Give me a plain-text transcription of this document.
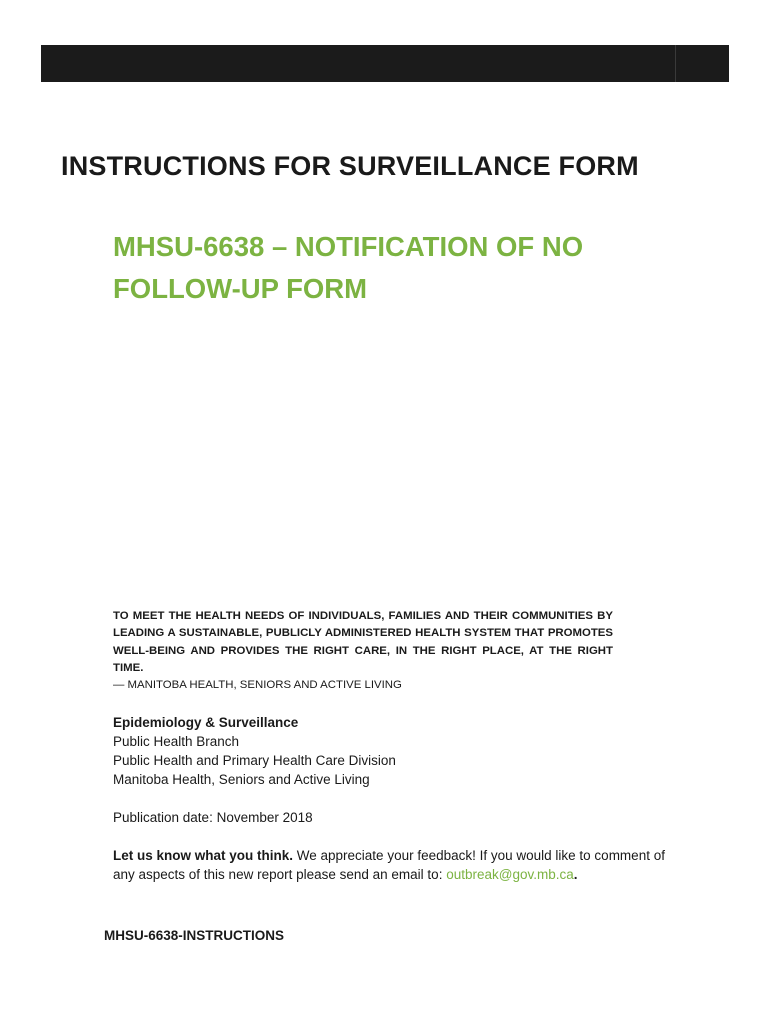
INSTRUCTIONS FOR SURVEILLANCE FORM
MHSU-6638 – NOTIFICATION OF NO
FOLLOW-UP FORM

TO MEET THE HEALTH NEEDS OF INDIVIDUALS, FAMILIES AND THEIR COMMUNITIES BY LEADING A SUSTAINABLE, PUBLICLY ADMINISTERED HEALTH SYSTEM THAT PROMOTES WELL-BEING AND PROVIDES THE RIGHT CARE, IN THE RIGHT PLACE, AT THE RIGHT TIME.

— MANITOBA HEALTH, SENIORS AND ACTIVE LIVING

Epidemiology & Surveillance
Public Health Branch
Public Health and Primary Health Care Division
Manitoba Health, Seniors and Active Living

Publication date: November 2018

Let us know what you think. We appreciate your feedback! If you would like to comment of any aspects of this new report please send an email to: outbreak@gov.mb.ca.

MHSU-6638-INSTRUCTIONS
